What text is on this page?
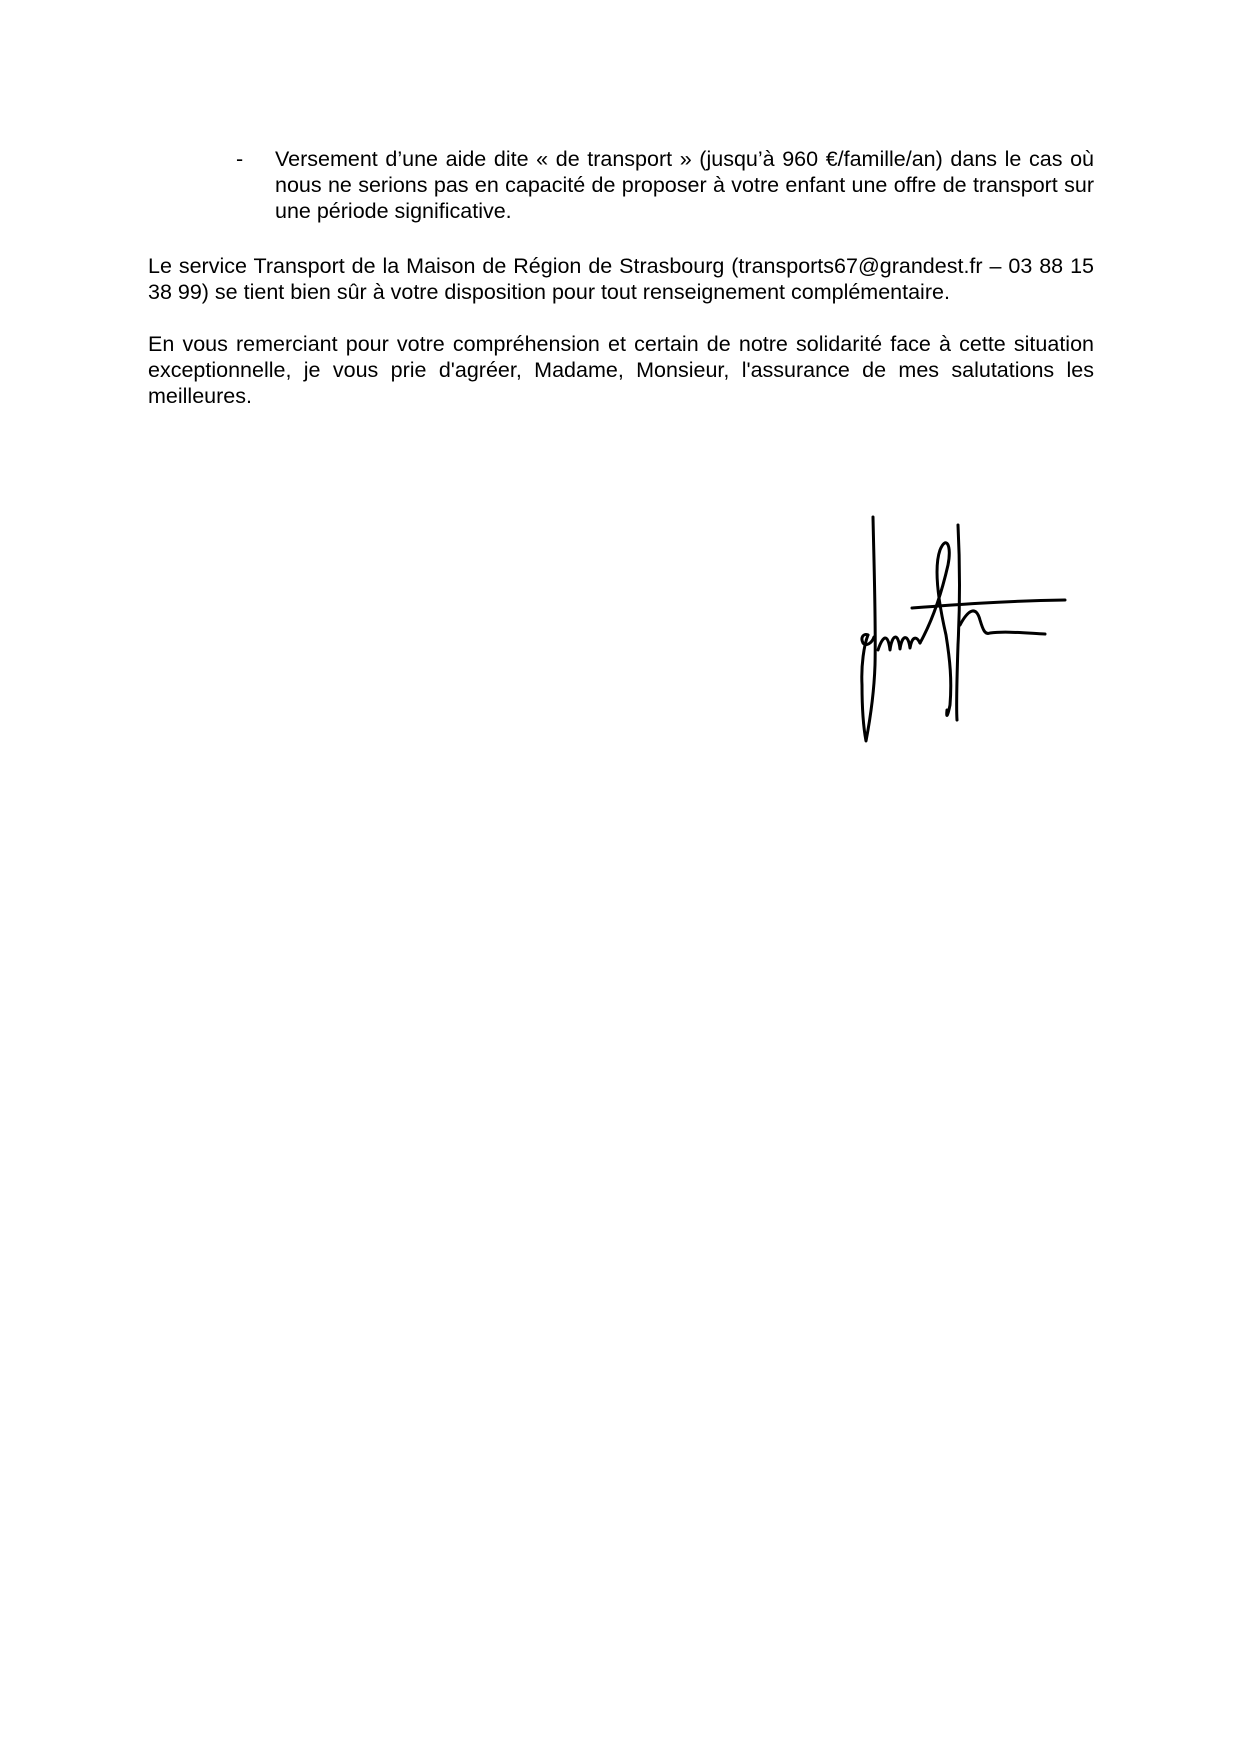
- Versement d’une aide dite « de transport » (jusqu’à 960 €/famille/an) dans le cas où nous ne serions pas en capacité de proposer à votre enfant une offre de transport sur une période significative.
Le service Transport de la Maison de Région de Strasbourg (transports67@grandest.fr – 03 88 15 38 99) se tient bien sûr à votre disposition pour tout renseignement complémentaire.
En vous remerciant pour votre compréhension et certain de notre solidarité face à cette situation exceptionnelle, je vous prie d'agréer, Madame, Monsieur, l'assurance de mes salutations les meilleures.
